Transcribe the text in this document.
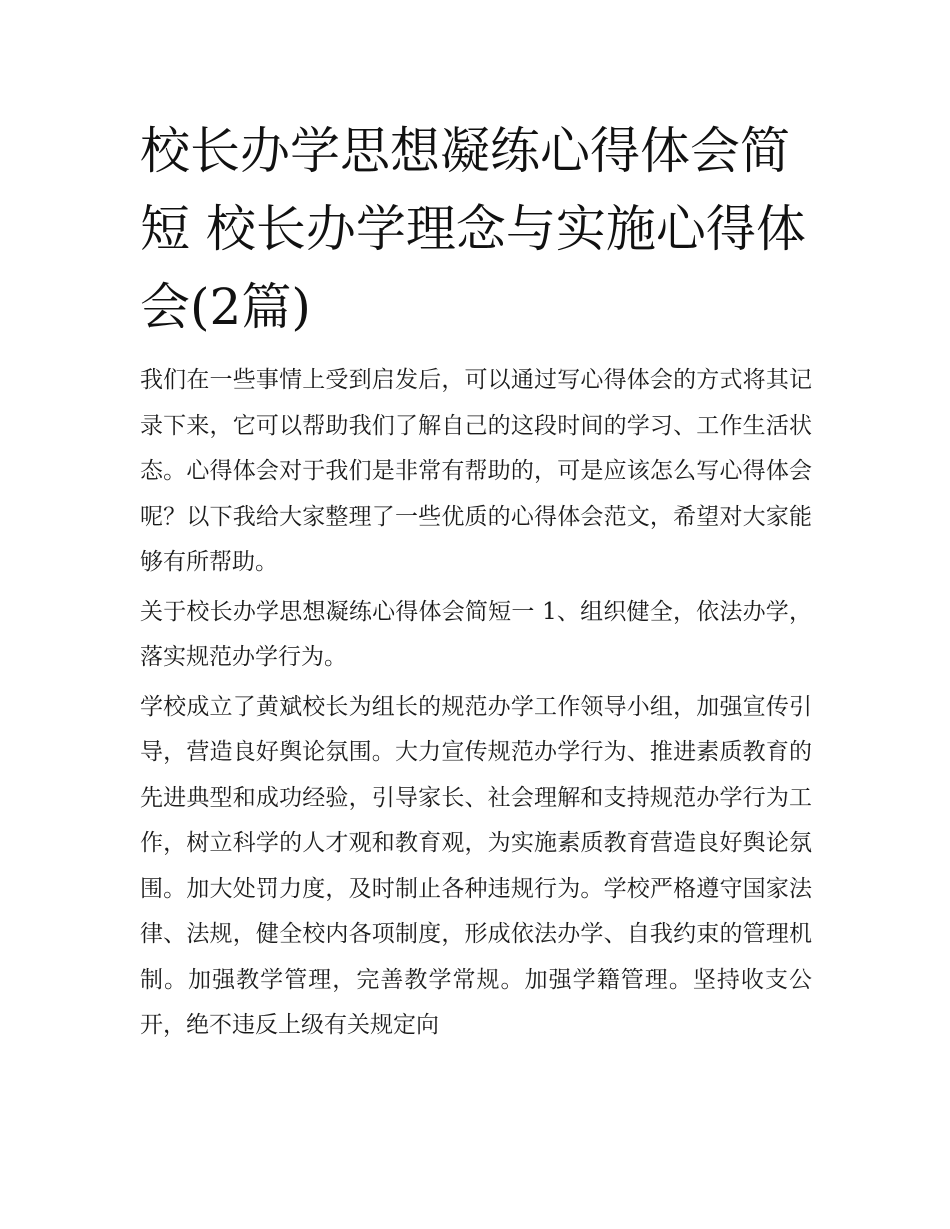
校长办学思想凝练心得体会简短 校长办学理念与实施心得体会(2篇)

我们在一些事情上受到启发后，可以通过写心得体会的方式将其记录下来，它可以帮助我们了解自己的这段时间的学习、工作生活状态。心得体会对于我们是非常有帮助的，可是应该怎么写心得体会呢？以下我给大家整理了一些优质的心得体会范文，希望对大家能够有所帮助。

关于校长办学思想凝练心得体会简短一 1、组织健全，依法办学，落实规范办学行为。

学校成立了黄斌校长为组长的规范办学工作领导小组，加强宣传引导，营造良好舆论氛围。大力宣传规范办学行为、推进素质教育的先进典型和成功经验，引导家长、社会理解和支持规范办学行为工作，树立科学的人才观和教育观，为实施素质教育营造良好舆论氛围。加大处罚力度，及时制止各种违规行为。学校严格遵守国家法律、法规，健全校内各项制度，形成依法办学、自我约束的管理机制。加强教学管理，完善教学常规。加强学籍管理。坚持收支公开，绝不违反上级有关规定向
